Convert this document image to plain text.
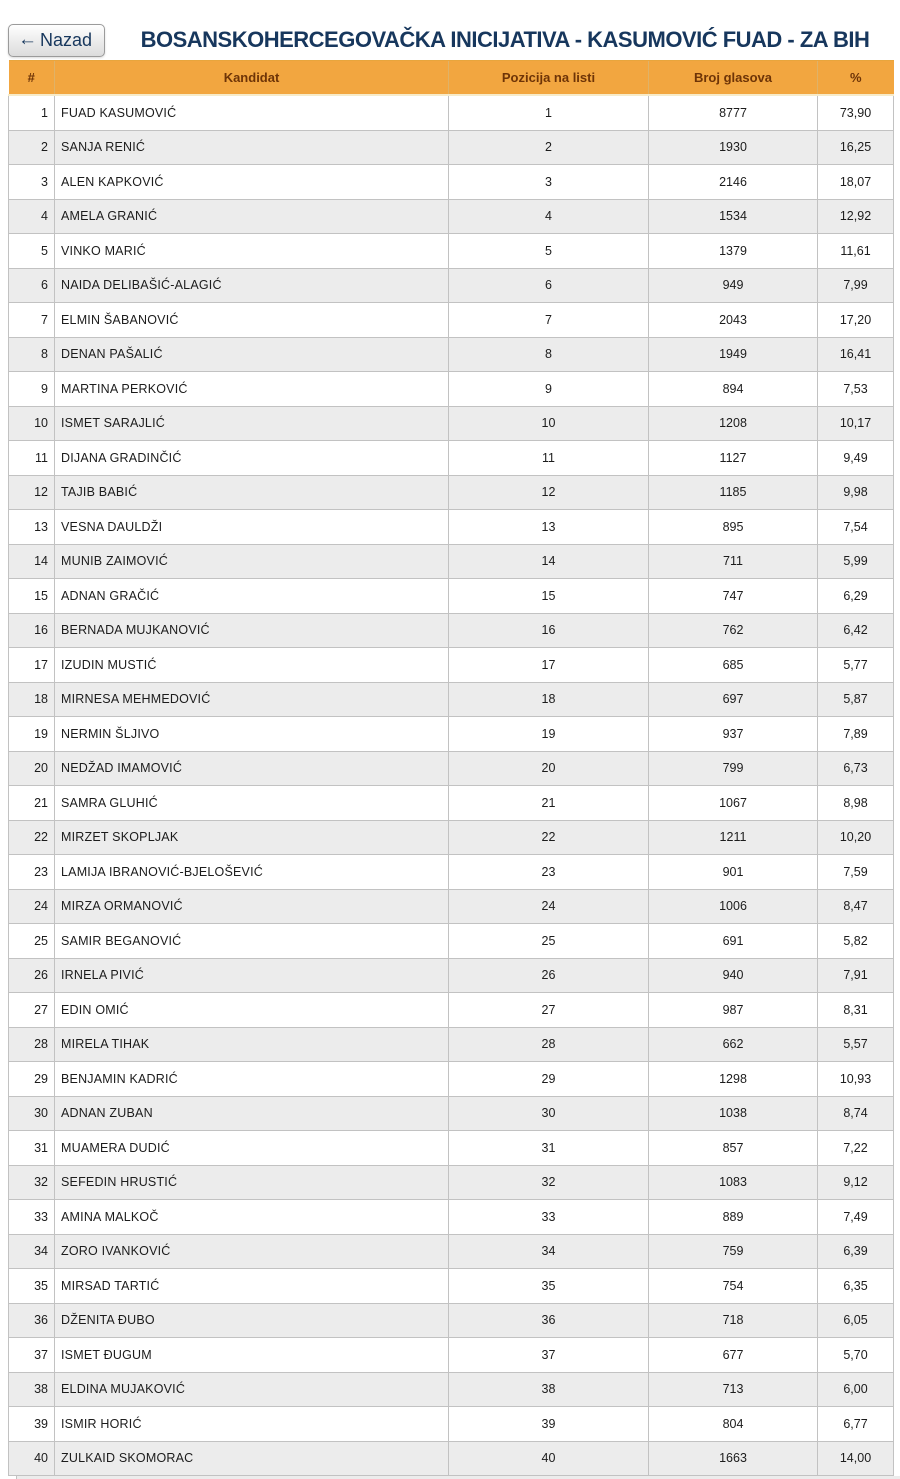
← Nazad	BOSANSKOHERCEGOVAČKA INICIJATIVA - KASUMOVIĆ FUAD - ZA BIH
#	Kandidat	Pozicija na listi	Broj glasova	%
1	FUAD KASUMOVIĆ	1	8777	73,90
2	SANJA RENIĆ	2	1930	16,25
3	ALEN KAPKOVIĆ	3	2146	18,07
4	AMELA GRANIĆ	4	1534	12,92
5	VINKO MARIĆ	5	1379	11,61
6	NAIDA DELIBAŠIĆ-ALAGIĆ	6	949	7,99
7	ELMIN ŠABANOVIĆ	7	2043	17,20
8	DENAN PAŠALIĆ	8	1949	16,41
9	MARTINA PERKOVIĆ	9	894	7,53
10	ISMET SARAJLIĆ	10	1208	10,17
11	DIJANA GRADINČIĆ	11	1127	9,49
12	TAJIB BABIĆ	12	1185	9,98
13	VESNA DAULDŽI	13	895	7,54
14	MUNIB ZAIMOVIĆ	14	711	5,99
15	ADNAN GRAČIĆ	15	747	6,29
16	BERNADA MUJKANOVIĆ	16	762	6,42
17	IZUDIN MUSTIĆ	17	685	5,77
18	MIRNESA MEHMEDOVIĆ	18	697	5,87
19	NERMIN ŠLJIVO	19	937	7,89
20	NEDŽAD IMAMOVIĆ	20	799	6,73
21	SAMRA GLUHIĆ	21	1067	8,98
22	MIRZET SKOPLJAK	22	1211	10,20
23	LAMIJA IBRANOVIĆ-BJELOŠEVIĆ	23	901	7,59
24	MIRZA ORMANOVIĆ	24	1006	8,47
25	SAMIR BEGANOVIĆ	25	691	5,82
26	IRNELA PIVIĆ	26	940	7,91
27	EDIN OMIĆ	27	987	8,31
28	MIRELA TIHAK	28	662	5,57
29	BENJAMIN KADRIĆ	29	1298	10,93
30	ADNAN ZUBAN	30	1038	8,74
31	MUAMERA DUDIĆ	31	857	7,22
32	SEFEDIN HRUSTIĆ	32	1083	9,12
33	AMINA MALKOČ	33	889	7,49
34	ZORO IVANKOVIĆ	34	759	6,39
35	MIRSAD TARTIĆ	35	754	6,35
36	DŽENITA ĐUBO	36	718	6,05
37	ISMET ĐUGUM	37	677	5,70
38	ELDINA MUJAKOVIĆ	38	713	6,00
39	ISMIR HORIĆ	39	804	6,77
40	ZULKAID SKOMORAC	40	1663	14,00
